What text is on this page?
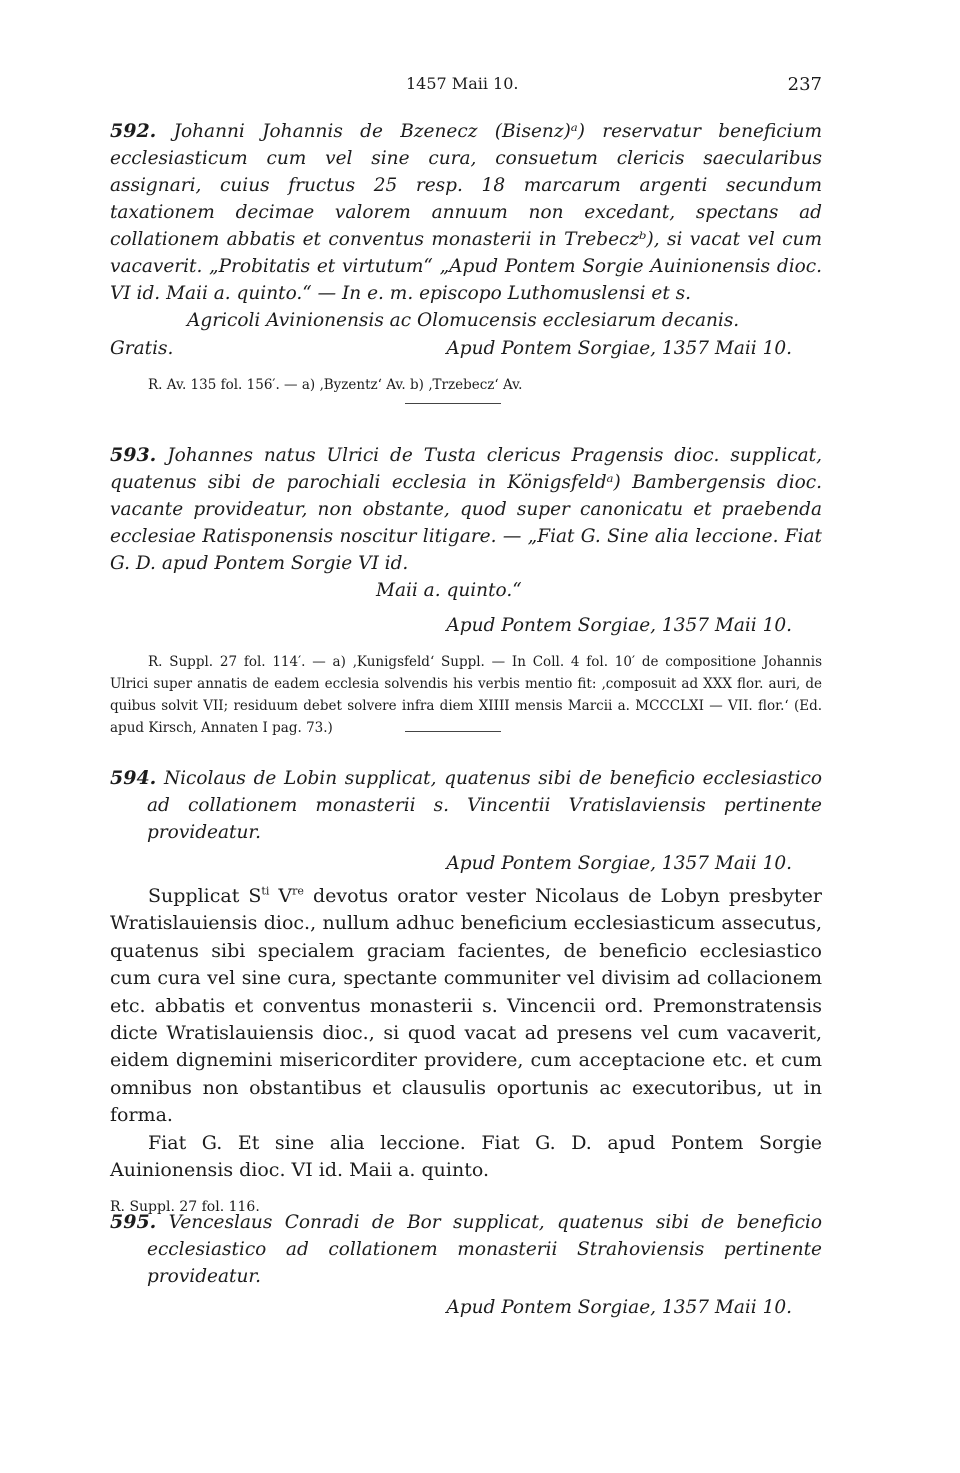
1457 Maii 10.	237

592. Johanni Johannis de Bzenecz (Bisenz)ᵃ) reservatur beneficium ecclesiasticum cum vel sine cura, consuetum clericis saecularibus assignari, cuius fructus 25 resp. 18 marcarum argenti secundum taxationem decimae valorem annuum non excedant, spectans ad collationem abbatis et conventus monasterii in Trebeczᵇ), si vacat vel cum vacaverit. „Probitatis et virtutum“ „Apud Pontem Sorgie Auinionensis dioc. VI id. Maii a. quinto.“ — In e. m. episcopo Luthomuslensi et s.
Agricoli Avinionensis ac Olomucensis ecclesiarum decanis.

Gratis.	Apud Pontem Sorgiae, 1357 Maii 10.

R. Av. 135 fol. 156′. — a) ‚Byzentz‘ Av. b) ‚Trzebecz‘ Av.

593. Johannes natus Ulrici de Tusta clericus Pragensis dioc. supplicat, quatenus sibi de parochiali ecclesia in Königsfeldᵃ) Bambergensis dioc. vacante provideatur, non obstante, quod super canonicatu et praebenda ecclesiae Ratisponensis noscitur litigare. — „Fiat G. Sine alia leccione. Fiat G. D. apud Pontem Sorgie VI id.
Maii a. quinto.“

Apud Pontem Sorgiae, 1357 Maii 10.

R. Suppl. 27 fol. 114′. — a) ‚Kunigsfeld‘ Suppl. — In Coll. 4 fol. 10′ de compositione Johannis Ulrici super annatis de eadem ecclesia solvendis his verbis mentio fit: ‚composuit ad XXX flor. auri, de quibus solvit VII; residuum debet solvere infra diem XIIII mensis Marcii a. MCCCLXI — VII. flor.‘ (Ed. apud Kirsch, Annaten I pag. 73.)

594. Nicolaus de Lobin supplicat, quatenus sibi de beneficio ecclesiastico ad collationem monasterii s. Vincentii Vratislaviensis pertinente provideatur.

Apud Pontem Sorgiae, 1357 Maii 10.

Supplicat $S^{ti}$ Vre devotus orator vester Nicolaus de Lobyn presbyter Wratislauiensis dioc., nullum adhuc beneficium ecclesiasticum assecutus, quatenus sibi specialem graciam facientes, de beneficio ecclesiastico cum cura vel sine cura, spectante communiter vel divisim ad collacionem etc. abbatis et conventus monasterii s. Vincencii ord. Premonstratensis dicte Wratislauiensis dioc., si quod vacat ad presens vel cum vacaverit, eidem dignemini misericorditer providere, cum acceptacione etc. et cum omnibus non obstantibus et clausulis oportunis ac executoribus, ut in forma.

Fiat G. Et sine alia leccione. Fiat G. D. apud Pontem Sorgie Auinionensis dioc. VI id. Maii a. quinto.

R. Suppl. 27 fol. 116.

595. Venceslaus Conradi de Bor supplicat, quatenus sibi de beneficio ecclesiastico ad collationem monasterii Strahoviensis pertinente provideatur.

Apud Pontem Sorgiae, 1357 Maii 10.
